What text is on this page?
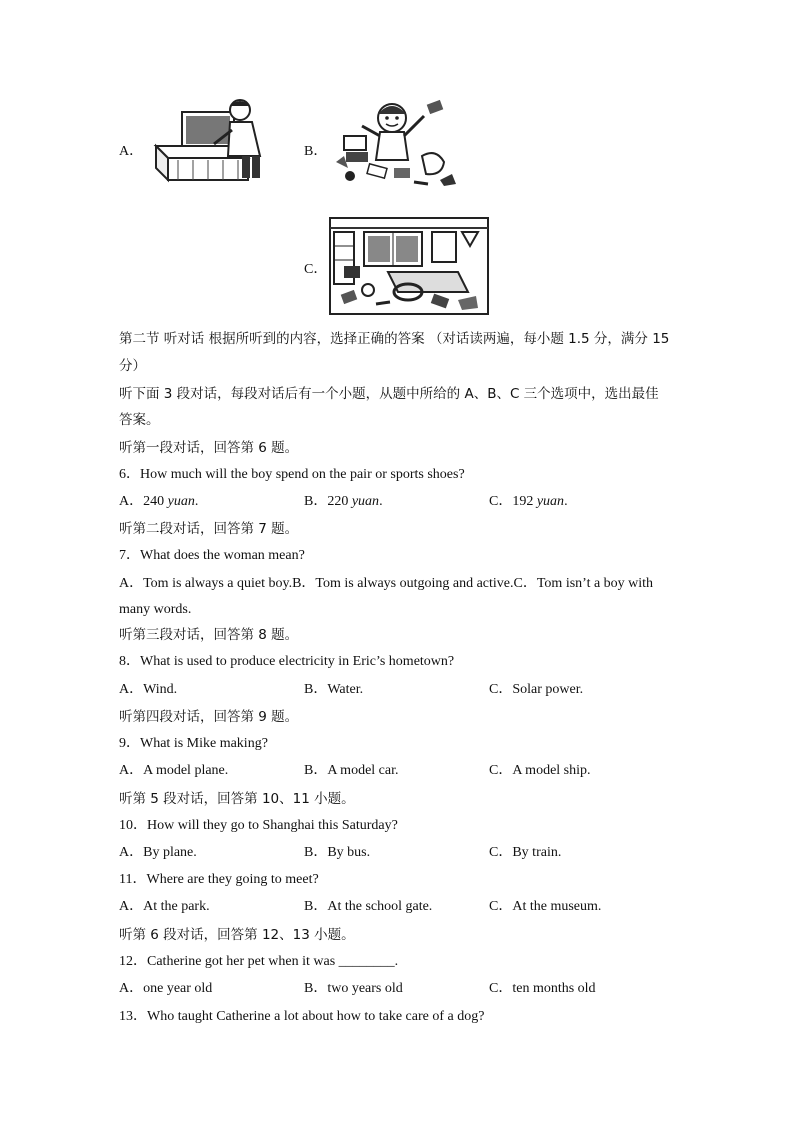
A．	B．
C．
第二节 听对话 根据所听到的内容，选择正确的答案 （对话读两遍，每小题 1.5 分，满分 15
分）
听下面 3 段对话，每段对话后有一个小题，从题中所给的 A、B、C 三个选项中，选出最佳
答案。
听第一段对话，回答第 6 题。
6．How much will the boy spend on the pair or sports shoes?
A．240 yuan.	B．220 yuan.	C．192 yuan.
听第二段对话，回答第 7 题。
7．What does the woman mean?
A．Tom is always a quiet boy.B．Tom is always outgoing and active.C．Tom isn’t a boy with
many words.
听第三段对话，回答第 8 题。
8．What is used to produce electricity in Eric’s hometown?
A．Wind.	B．Water.	C．Solar power.
听第四段对话，回答第 9 题。
9．What is Mike making?
A．A model plane.	B．A model car.	C．A model ship.
听第 5 段对话，回答第 10、11 小题。
10．How will they go to Shanghai this Saturday?
A．By plane.	B．By bus.	C．By train.
11．Where are they going to meet?
A．At the park.	B．At the school gate.	C．At the museum.
听第 6 段对话，回答第 12、13 小题。
12．Catherine got her pet when it was ________.
A．one year old	B．two years old	C．ten months old
13．Who taught Catherine a lot about how to take care of a dog?
